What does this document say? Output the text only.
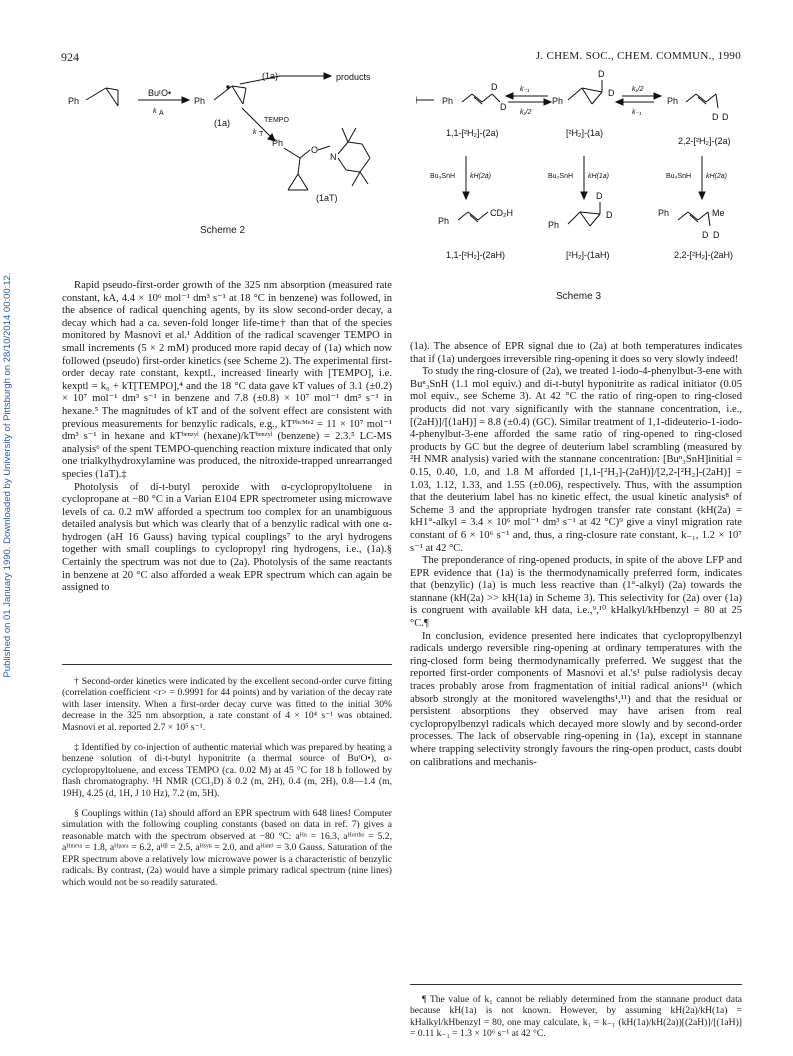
924	J. CHEM. SOC., CHEM. COMMUN., 1990
Published on 01 January 1990. Downloaded by University of Pittsburgh on 28/10/2014 00:00:12.
Ph
BuᵗO•
k A
Ph
(1a)
(1a)	products
TEMPO
k T
Ph
O
N
(1aT)
Scheme 2
Ph
D
D
k₋₁
k₁/2
Ph
D
D	k₁/2
k₋₁
Ph
D D
1,1-[²H₂]-(2a)	[²H₂]-(1a)
2,2-[²H₂]-(2a)
Bu₃SnH kH(2a)	Bu₃SnH kH(1a)	Bu₃SnH kH(2a)
Ph
CD₂H
Ph
D
D	Ph	Me
D D
1,1-[²H₂]-(2aH)	[²H₂]-(1aH)	2,2-[²H₂]-(2aH)
Scheme 3

Rapid pseudo-first-order growth of the 325 nm absorption (measured rate constant, kA, 4.4 × 10⁶ mol⁻¹ dm³ s⁻¹ at 18 °C in benzene) was followed, in the absence of radical quenching agents, by its slow second-order decay, a decay which had a ca. seven-fold longer life-time† than that of the species monitored by Masnovi et al.¹ Addition of the radical scavenger TEMPO in small increments (5 × 2 mM) produced more rapid decay of (1a) which now followed (pseudo) first-order kinetics (see Scheme 2). The experimental first-order decay rate constant, kexptl., increased linearly with [TEMPO], i.e. kexptl = k₀ + kT[TEMPO],⁴ and the 18 °C data gave kT values of 3.1 (±0.2) × 10⁷ mol⁻¹ dm³ s⁻¹ in benzene and 7.8 (±0.8) × 10⁷ mol⁻¹ dm³ s⁻¹ in hexane.⁵ The magnitudes of kT and of the solvent effect are consistent with previous measurements for benzylic radicals, e.g., kTᴾʰᶜᴹᵉ² = 11 × 10⁷ mol⁻¹ dm³ s⁻¹ in hexane and kTᵇᵉⁿᶻʸˡ (hexane)/kTᵇᵉⁿᶻʸˡ (benzene) = 2.3.⁵ LC-MS analysis⁶ of the spent TEMPO-quenching reaction mixture indicated that only one trialkylhydroxylamine was produced, the nitroxide-trapped unrearranged species (1aT).‡

Photolysis of di-t-butyl peroxide with α-cyclopropyltoluene in cyclopropane at −80 °C in a Varian E104 EPR spectrometer using microwave levels of ca. 0.2 mW afforded a spectrum too complex for an unambiguous detailed analysis but which was clearly that of a benzylic radical with one α-hydrogen (aH 16 Gauss) having typical couplings⁷ to the aryl hydrogens together with small couplings to cyclopropyl ring hydrogens, i.e., (1a).§ Certainly the spectrum was not due to (2a). Photolysis of the same reactants in benzene at 20 °C also afforded a weak EPR spectrum which can again be assigned to

† Second-order kinetics were indicated by the excellent second-order curve fitting (correlation coefficient <r> = 0.9991 for 44 points) and by variation of the decay rate with laser intensity. When a first-order decay curve was fitted to the initial 30% decrease in the 325 nm absorption, a rate constant of 4 × 10⁴ s⁻¹ was obtained. Masnovi et al. reported 2.7 × 10⁵ s⁻¹.

‡ Identified by co-injection of authentic material which was prepared by heating a benzene solution of di-t-butyl hyponitrite (a thermal source of BuᵗO•), α-cyclopropyltoluene, and excess TEMPO (ca. 0.02 M) at 45 °C for 18 h followed by flash chromatography. ¹H NMR (CCl₃D) δ 0.2 (m, 2H), 0.4 (m, 2H), 0.8—1.4 (m, 19H), 4.25 (d, 1H, J 10 Hz), 7.2 (m, 5H).

§ Couplings within (1a) should afford an EPR spectrum with 648 lines! Computer simulation with the following coupling constants (based on data in ref. 7) gives a reasonable match with the spectrum observed at −80 °C: aᴴᵅ = 16.3, aᴴᵒʳᵗʰᵒ = 5.2, aᴴᵐᵉᵗᵃ = 1.8, aᴴᵖᵃʳᵃ = 6.2, aᴴᵝ = 2.5, aᴴˢʸⁿ = 2.0, and aᴴᵃⁿᵗⁱ = 3.0 Gauss. Saturation of the EPR spectrum above a relatively low microwave power is a characteristic of benzylic radicals. By contrast, (2a) would have a simple primary radical spectrum (nine lines) which would not be so readily saturated.

(1a). The absence of EPR signal due to (2a) at both temperatures indicates that if (1a) undergoes irreversible ring-opening it does so very slowly indeed!

To study the ring-closure of (2a), we treated 1-iodo-4-phenylbut-3-ene with Buⁿ₃SnH (1.1 mol equiv.) and di-t-butyl hyponitrite as radical initiator (0.05 mol equiv., see Scheme 3). At 42 °C the ratio of ring-open to ring-closed products did not vary significantly with the stannane concentration, i.e., [(2aH)]/[(1aH)] = 8.8 (±0.4) (GC). Similar treatment of 1,1-dideuterio-1-iodo-4-phenylbut-3-ene afforded the same ratio of ring-opened to ring-closed products by GC but the degree of deuterium label scrambling (measured by ²H NMR analysis) varied with the stannane concentration: [Buⁿ₃SnH]initial = 0.15, 0.40, 1.0, and 1.8 M afforded [1,1-[²H₂]-(2aH)]/[2,2-[²H₂]-(2aH)] = 1.03, 1.12, 1.33, and 1.55 (±0.06), respectively. Thus, with the assumption that the deuterium label has no kinetic effect, the usual kinetic analysis⁸ of Scheme 3 and the appropriate hydrogen transfer rate constant (kH(2a) = kH1°-alkyl = 3.4 × 10⁶ mol⁻¹ dm³ s⁻¹ at 42 °C)⁹ give a vinyl migration rate constant of 6 × 10⁶ s⁻¹ and, thus, a ring-closure rate constant, k₋₁, 1.2 × 10⁷ s⁻¹ at 42 °C.

The preponderance of ring-opened products, in spite of the above LFP and EPR evidence that (1a) is the thermodynamically preferred form, indicates that (benzylic) (1a) is much less reactive than (1°-alkyl) (2a) towards the stannane (kH(2a) >> kH(1a) in Scheme 3). This selectivity for (2a) over (1a) is congruent with available kH data, i.e.,⁹,¹⁰ kHalkyl/kHbenzyl = 80 at 25 °C.¶

In conclusion, evidence presented here indicates that cyclopropylbenzyl radicals undergo reversible ring-opening at ordinary temperatures with the ring-closed form being thermodynamically preferred. We suggest that the reported first-order components of Masnovi et al.'s¹ pulse radiolysis decay traces probably arose from fragmentation of initial radical anions¹¹ (which absorb strongly at the monitored wavelengths¹,¹¹) and that the residual or persistent absorptions they observed may have arisen from real cyclopropylbenzyl radicals which decayed more slowly and by second-order processes. The lack of observable ring-opening in (1a), except in stannane where trapping selectivity strongly favours the ring-open product, casts doubt on calibrations and mechanis-

¶ The value of k₁ cannot be reliably determined from the stannane product data because kH(1a) is not known. However, by assuming kH(2a)/kH(1a) = kHalkyl/kHbenzyl = 80, one may calculate, k₁ = k₋₁ (kH(1a)/kH(2a))[(2aH)]/[(1aH)] = 0.11 k₋₁ = 1.3 × 10⁶ s⁻¹ at 42 °C.
